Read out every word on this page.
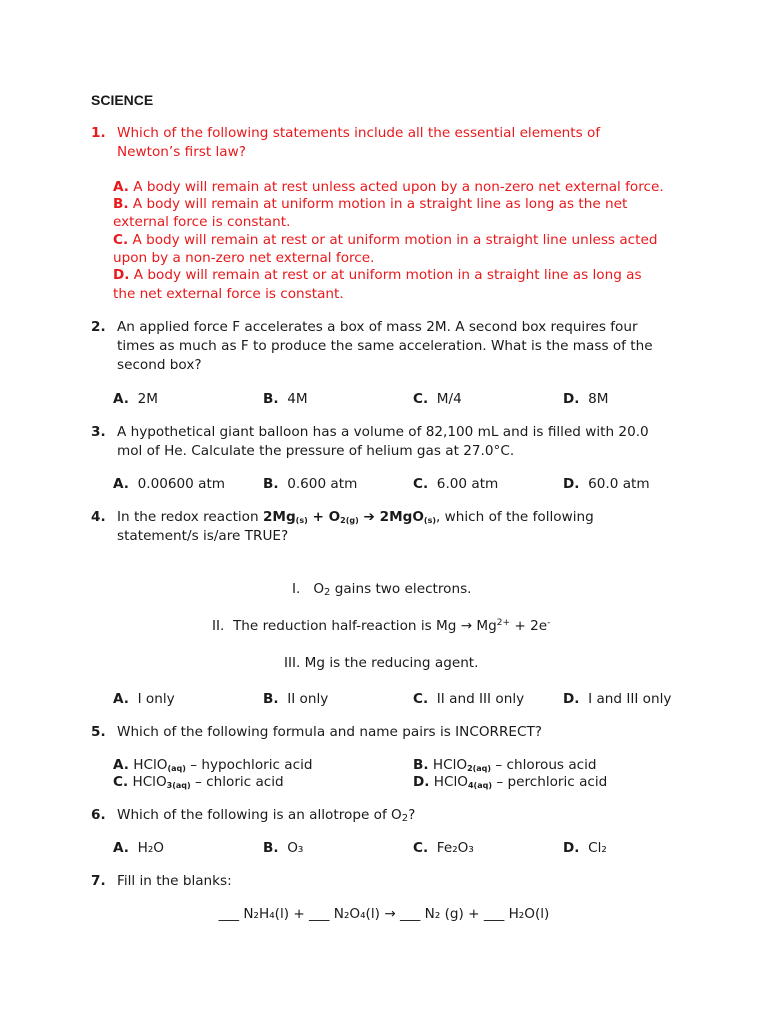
SCIENCE
1. Which of the following statements include all the essential elements of
Newton’s first law?
A. A body will remain at rest unless acted upon by a non-zero net external force.
B. A body will remain at uniform motion in a straight line as long as the net
external force is constant.
C. A body will remain at rest or at uniform motion in a straight line unless acted
upon by a non-zero net external force.
D. A body will remain at rest or at uniform motion in a straight line as long as
the net external force is constant.
2. An applied force F accelerates a box of mass 2M. A second box requires four
times as much as F to produce the same acceleration. What is the mass of the
second box?
A. 2M	B. 4M	C. M/4	D. 8M
3. A hypothetical giant balloon has a volume of 82,100 mL and is filled with 20.0
mol of He. Calculate the pressure of helium gas at 27.0°C.
A. 0.00600 atm	B. 0.600 atm	C. 6.00 atm	D. 60.0 atm
4. In the redox reaction $2Mg_{(s)} + O_{2(g)}$ ➔ 2MgO$_{(s)}$, which of the following
statement/s is/are TRUE?
I. $O_2$ gains two electrons.
II. The reduction half-reaction is $Mg \to Mg^{2+} + 2e^-$
III. Mg is the reducing agent.
A. I only	B. II only	C. II and III only	D. I and III only
5. Which of the following formula and name pairs is INCORRECT?
A. HClO$_{(aq)}$ – hypochloric acid	B. HClO$_{2(aq)}$ – chlorous acid
C. HClO$_{3(aq)}$ – chloric acid	D. HClO$_{4(aq)}$ – perchloric acid
6. Which of the following is an allotrope of $O_2$?
A. H₂O	B. O₃	C. Fe₂O₃	D. Cl₂
7. Fill in the blanks:
___ N₂H₄(l) + ___ N₂O₄(l) → ___ N₂ (g) + ___ H₂O(l)
